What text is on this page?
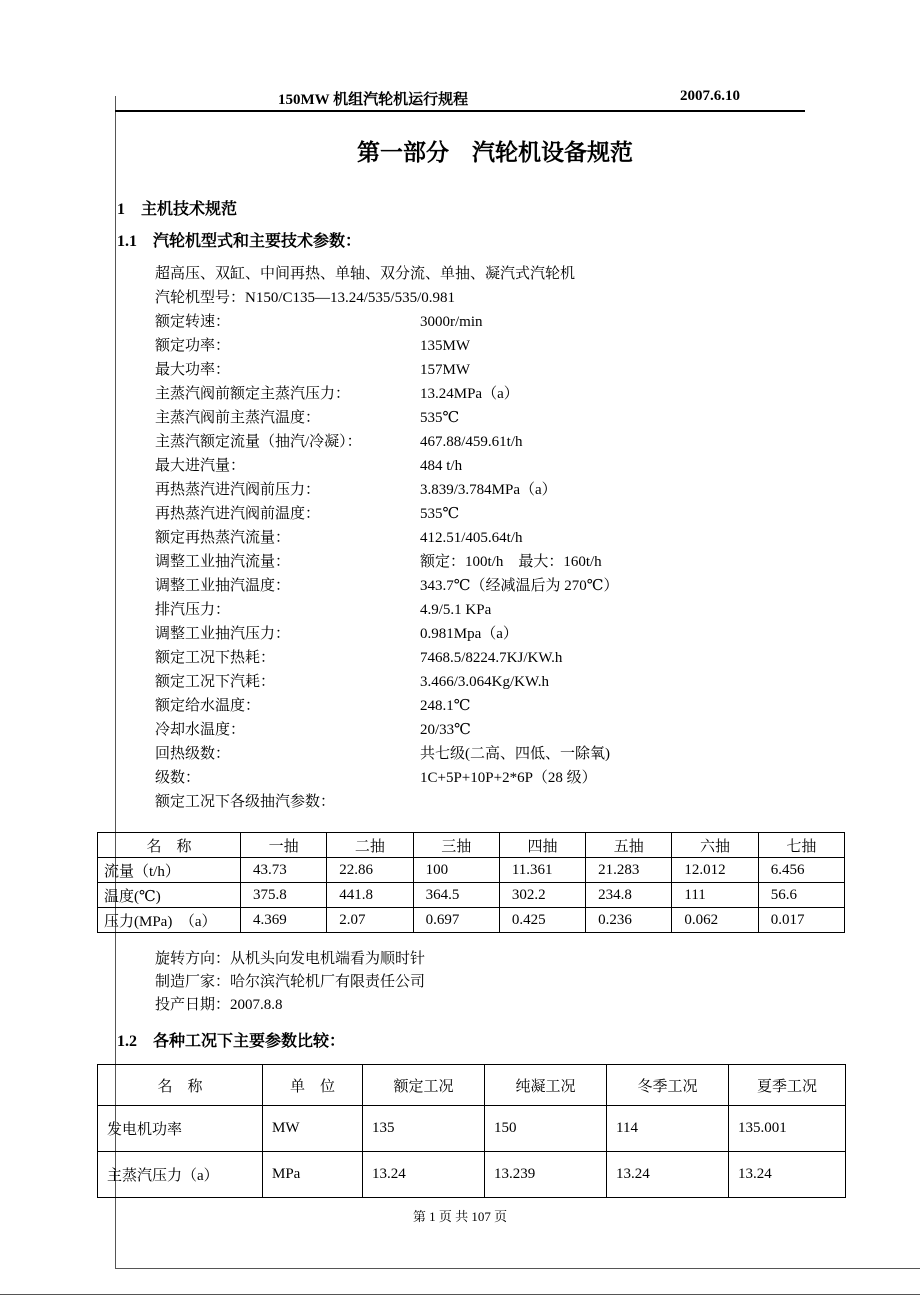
150MW 机组汽轮机运行规程	2007.6.10
第一部分　汽轮机设备规范
1　主机技术规范
1.1　汽轮机型式和主要技术参数：
超高压、双缸、中间再热、单轴、双分流、单抽、凝汽式汽轮机
汽轮机型号：N150/C135—13.24/535/535/0.981
额定转速：	3000r/min
额定功率：	135MW
最大功率：	157MW
主蒸汽阀前额定主蒸汽压力：	13.24MPa（a）
主蒸汽阀前主蒸汽温度：	535℃
主蒸汽额定流量（抽汽/冷凝）：	467.88/459.61t/h
最大进汽量：	484 t/h
再热蒸汽进汽阀前压力：	3.839/3.784MPa（a）
再热蒸汽进汽阀前温度：	535℃
额定再热蒸汽流量：	412.51/405.64t/h
调整工业抽汽流量：	额定：100t/h　最大：160t/h
调整工业抽汽温度：	343.7℃（经减温后为 270℃）
排汽压力：	4.9/5.1 KPa
调整工业抽汽压力：	0.981Mpa（a）
额定工况下热耗：	7468.5/8224.7KJ/KW.h
额定工况下汽耗：	3.466/3.064Kg/KW.h
额定给水温度：	248.1℃
冷却水温度：	20/33℃
回热级数：	共七级(二高、四低、一除氧)
级数：	1C+5P+10P+2*6P（28 级）
额定工况下各级抽汽参数：
名　称	一抽	二抽	三抽	四抽	五抽	六抽	七抽
流量（t/h）	43.73	22.86	100	11.361	21.283	12.012	6.456
温度(℃)	375.8	441.8	364.5	302.2	234.8	111	56.6
压力(MPa)　（a）	4.369	2.07	0.697	0.425	0.236	0.062	0.017
旋转方向：从机头向发电机端看为顺时针
制造厂家：哈尔滨汽轮机厂有限责任公司
投产日期：2007.8.8
1.2　各种工况下主要参数比较：
名　称	单　位	额定工况	纯凝工况	冬季工况	夏季工况
发电机功率	MW	135	150	114	135.001
主蒸汽压力（a）	MPa	13.24	13.239	13.24	13.24
第 1 页 共 107 页
